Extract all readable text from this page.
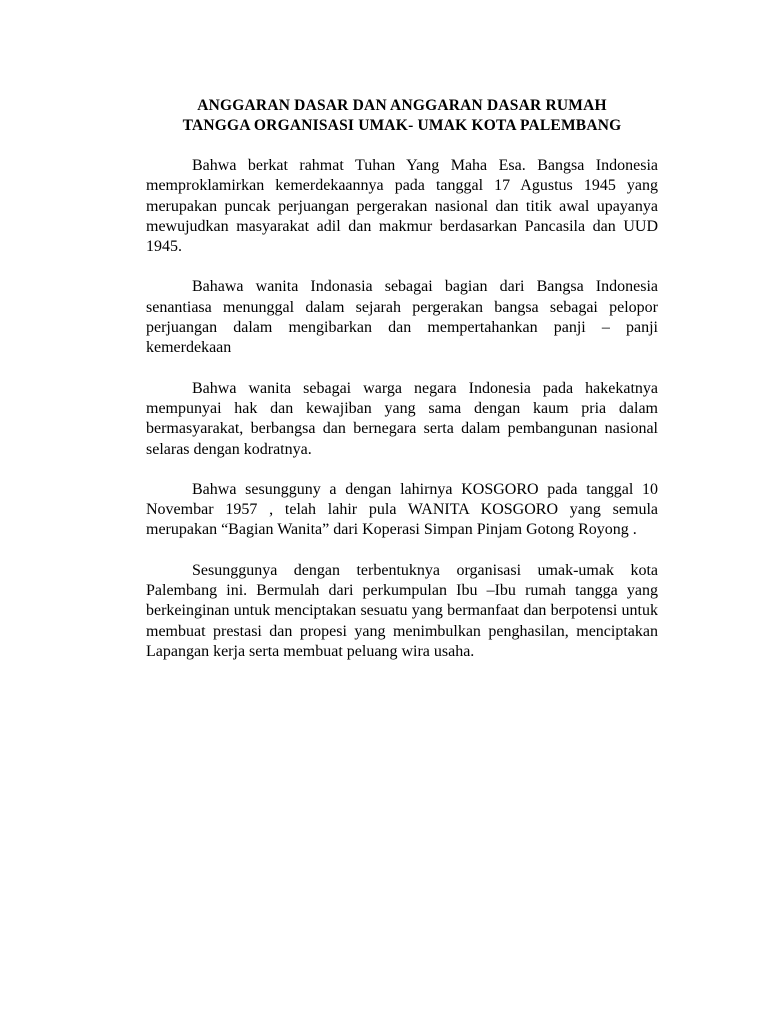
ANGGARAN DASAR DAN ANGGARAN DASAR RUMAH
TANGGA ORGANISASI UMAK- UMAK KOTA PALEMBANG

Bahwa berkat rahmat Tuhan Yang Maha Esa. Bangsa Indonesia memproklamirkan kemerdekaannya pada tanggal 17 Agustus 1945 yang merupakan puncak perjuangan pergerakan nasional dan titik awal upayanya mewujudkan masyarakat adil dan makmur berdasarkan Pancasila dan UUD 1945.

Bahawa wanita Indonasia sebagai bagian dari Bangsa Indonesia senantiasa menunggal dalam sejarah pergerakan bangsa sebagai pelopor perjuangan dalam mengibarkan dan mempertahankan panji – panji kemerdekaan

Bahwa wanita sebagai warga negara Indonesia pada hakekatnya mempunyai hak dan kewajiban yang sama dengan kaum pria dalam bermasyarakat, berbangsa dan bernegara serta dalam pembangunan nasional selaras dengan kodratnya.

Bahwa sesungguny a dengan lahirnya KOSGORO pada tanggal 10 Novembar 1957 , telah lahir pula WANITA KOSGORO yang semula merupakan “Bagian Wanita” dari Koperasi Simpan Pinjam Gotong Royong .

Sesunggunya dengan terbentuknya organisasi umak-umak kota Palembang ini. Bermulah dari perkumpulan Ibu –Ibu rumah tangga yang berkeinginan untuk menciptakan sesuatu yang bermanfaat dan berpotensi untuk membuat prestasi dan propesi yang menimbulkan penghasilan, menciptakan Lapangan kerja serta membuat peluang wira usaha.
